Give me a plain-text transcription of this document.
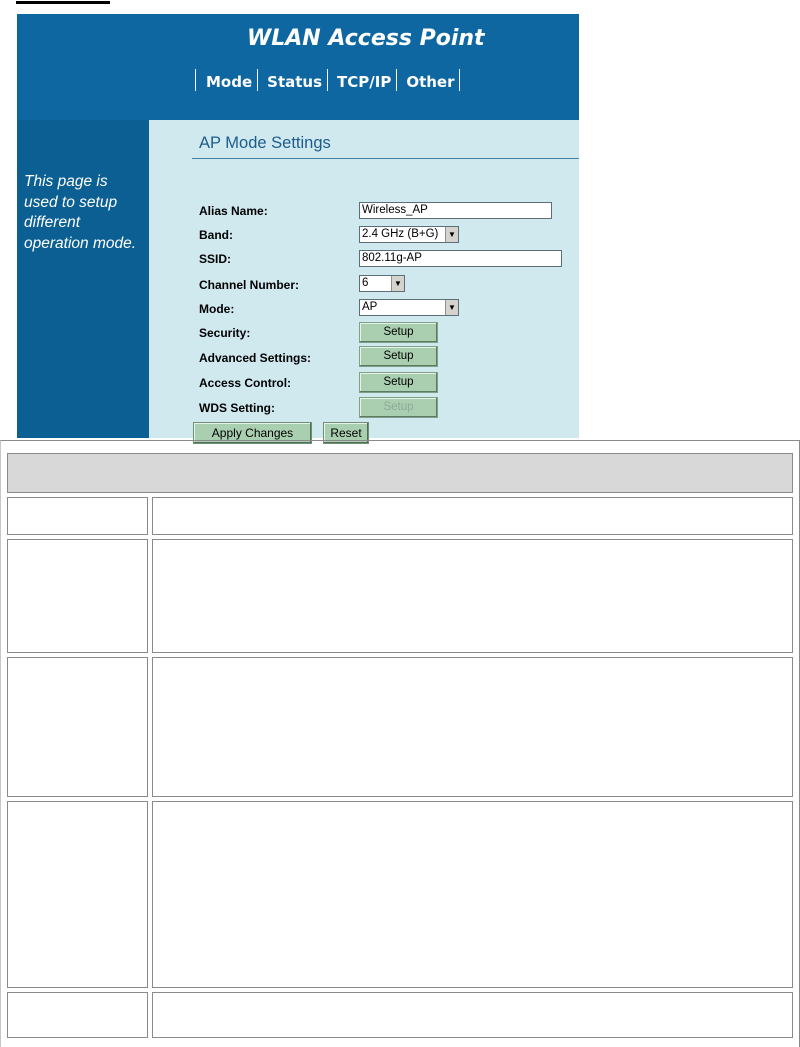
WLAN Access Point
Mode	Status	TCP/IP	Other
This page is used to setup different operation mode.
AP Mode Settings
Alias Name:	Wireless_AP
Band:	2.4 GHz (B+G)	▼
SSID:	802.11g-AP
Channel Number:	6	▼
Mode:	AP	▼
Security:	Setup
Advanced Settings:	Setup
Access Control:	Setup
WDS Setting:	Setup
Apply Changes	Reset
